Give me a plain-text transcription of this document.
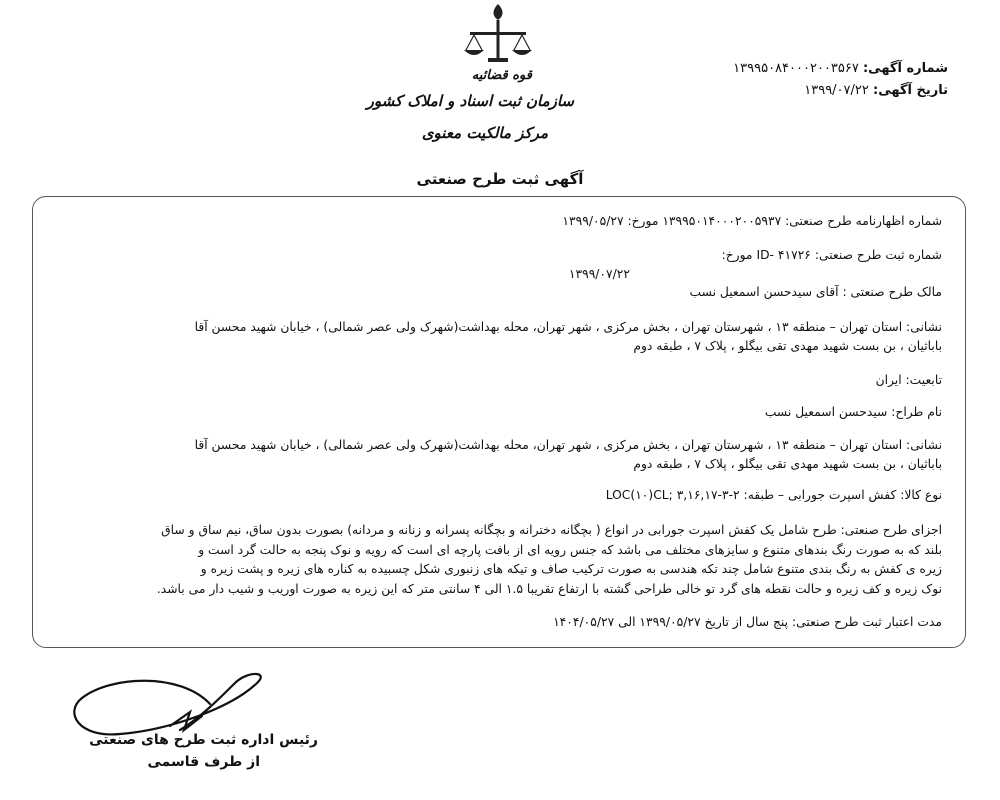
قوه قضائیه
سازمان ثبت اسناد و املاک کشور
مرکز مالکیت معنوی
شماره آگهی: ۱۳۹۹۵۰۸۴۰۰۰۲۰۰۳۵۶۷
تاریخ آگهی: ۱۳۹۹/۰۷/۲۲
آگهی ثبت طرح صنعتی
شماره اظهارنامه طرح صنعتی: ۱۳۹۹۵۰۱۴۰۰۰۲۰۰۵۹۳۷ مورخ: ۱۳۹۹/۰۵/۲۷
شماره ثبت طرح صنعتی: ID- ۴۱۷۲۶ مورخ:
۱۳۹۹/۰۷/۲۲
مالک طرح صنعتی : آقای سیدحسن اسمعیل نسب
نشانی: استان تهران – منطقه ۱۳ ، شهرستان تهران ، بخش مرکزی ، شهر تهران، محله بهداشت(شهرک ولی عصر شمالی) ، خیابان شهید محسن آقا
باباثیان ، بن بست شهید مهدی تقی بیگلو ، پلاک ۷ ، طبقه دوم
تابعیت: ایران
نام طراح: سیدحسن اسمعیل نسب
نشانی: استان تهران – منطقه ۱۳ ، شهرستان تهران ، بخش مرکزی ، شهر تهران، محله بهداشت(شهرک ولی عصر شمالی) ، خیابان شهید محسن آقا
باباثیان ، بن بست شهید مهدی تقی بیگلو ، پلاک ۷ ، طبقه دوم
نوع کالا: کفش اسپرت جورابی – طبقه: ۲-۳-۳,۱۶,۱۷ ;LOC(۱۰)CL
اجزای طرح صنعتی: طرح شامل یک کفش اسپرت جورابی در انواع ( بچگانه دخترانه و بچگانه پسرانه و زنانه و مردانه) بصورت بدون ساق، نیم ساق و ساق
بلند که به صورت رنگ بندهای متنوع و سایزهای مختلف می باشد که جنس رویه ای از بافت پارچه ای است که رویه و نوک پنجه به حالت گرد است و
زیره ی کفش به رنگ بندی متنوع شامل چند تکه هندسی به صورت ترکیب صاف و تیکه های زنبوری شکل چسبیده به کناره های زیره و پشت زیره و
نوک زیره و کف زیره و حالت نقطه های گرد تو خالی طراحی گشته با ارتفاع تقریبا ۱.۵ الی ۴ سانتی متر که این زیره به صورت اوریب و شیب دار می باشد.
مدت اعتبار ثبت طرح صنعتی: پنج سال از تاریخ ۱۳۹۹/۰۵/۲۷ الی ۱۴۰۴/۰۵/۲۷
رئیس اداره ثبت طرح های صنعتی
از طرف قاسمی
